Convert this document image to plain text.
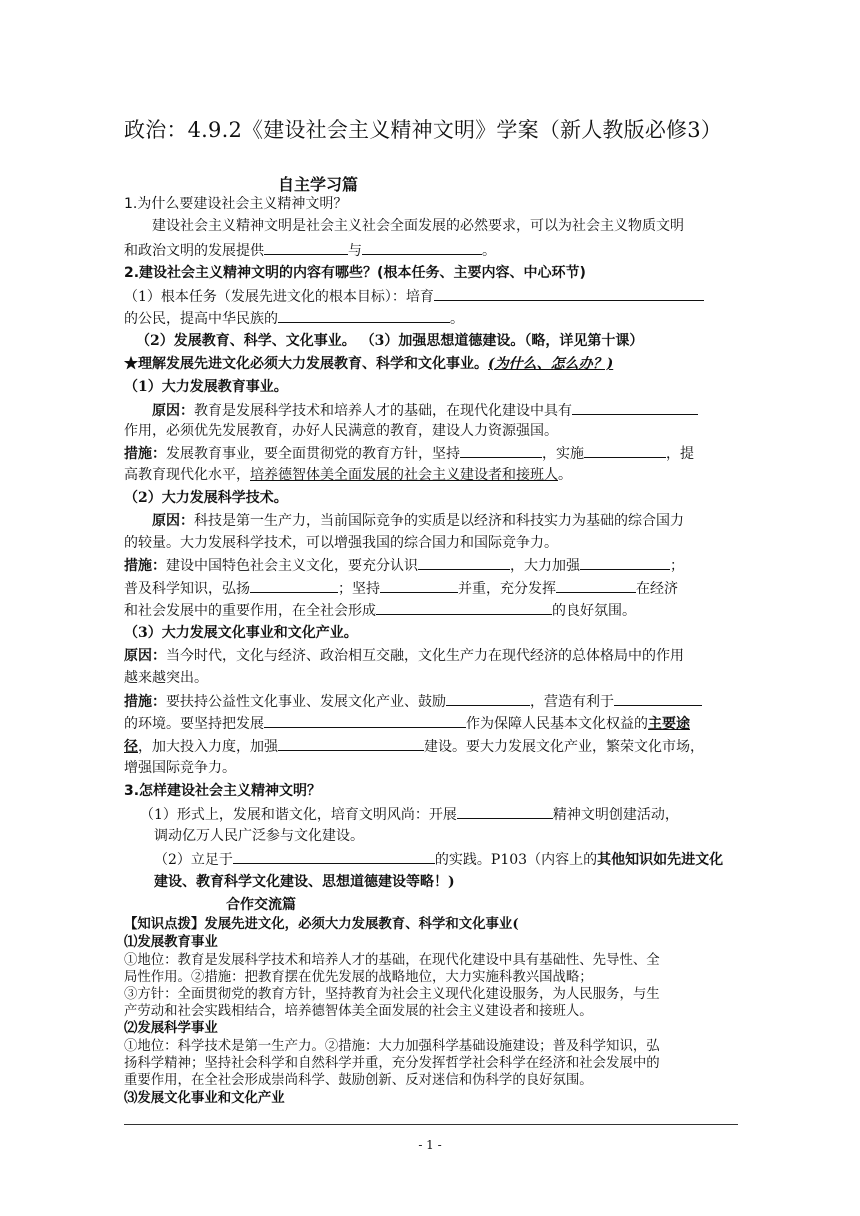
政治：4.9.2《建设社会主义精神文明》学案（新人教版必修3）
自主学习篇
1.为什么要建设社会主义精神文明？
建设社会主义精神文明是社会主义社会全面发展的必然要求，可以为社会主义物质文明
和政治文明的发展提供	与	。
2.建设社会主义精神文明的内容有哪些？(根本任务、主要内容、中心环节)
（1）根本任务（发展先进文化的根本目标）：培育
的公民，提高中华民族的	。
（2）发展教育、科学、文化事业。 （3）加强思想道德建设。（略，详见第十课）
★理解发展先进文化必须大力发展教育、科学和文化事业。(为什么、怎么办？)
（1）大力发展教育事业。
原因：教育是发展科学技术和培养人才的基础，在现代化建设中具有
作用，必须优先发展教育，办好人民满意的教育，建设人力资源强国。
措施：发展教育事业，要全面贯彻党的教育方针，坚持	，实施	，提
高教育现代化水平，培养德智体美全面发展的社会主义建设者和接班人。
（2）大力发展科学技术。
原因：科技是第一生产力，当前国际竞争的实质是以经济和科技实力为基础的综合国力
的较量。大力发展科学技术，可以增强我国的综合国力和国际竞争力。
措施：建设中国特色社会主义文化，要充分认识	，大力加强	；
普及科学知识，弘扬	；坚持	并重，充分发挥	在经济
和社会发展中的重要作用，在全社会形成	的良好氛围。
（3）大力发展文化事业和文化产业。
原因：当今时代，文化与经济、政治相互交融，文化生产力在现代经济的总体格局中的作用
越来越突出。
措施：要扶持公益性文化事业、发展文化产业、鼓励	，营造有利于
的环境。要坚持把发展	作为保障人民基本文化权益的主要途
径，加大投入力度，加强	建设。要大力发展文化产业，繁荣文化市场，
增强国际竞争力。
3.怎样建设社会主义精神文明？
（1）形式上，发展和谐文化，培育文明风尚：开展	精神文明创建活动，
调动亿万人民广泛参与文化建设。
（2）立足于	的实践。P103（内容上的其他知识如先进文化
建设、教育科学文化建设、思想道德建设等略！)
合作交流篇
【知识点拨】发展先进文化，必须大力发展教育、科学和文化事业(
⑴发展教育事业
①地位：教育是发展科学技术和培养人才的基础，在现代化建设中具有基础性、先导性、全
局性作用。②措施：把教育摆在优先发展的战略地位，大力实施科教兴国战略；
③方针：全面贯彻党的教育方针，坚持教育为社会主义现代化建设服务，为人民服务，与生
产劳动和社会实践相结合，培养德智体美全面发展的社会主义建设者和接班人。
⑵发展科学事业
①地位：科学技术是第一生产力。②措施：大力加强科学基础设施建设；普及科学知识，弘
扬科学精神；坚持社会科学和自然科学并重，充分发挥哲学社会科学在经济和社会发展中的
重要作用，在全社会形成崇尚科学、鼓励创新、反对迷信和伪科学的良好氛围。
⑶发展文化事业和文化产业
- 1 -
